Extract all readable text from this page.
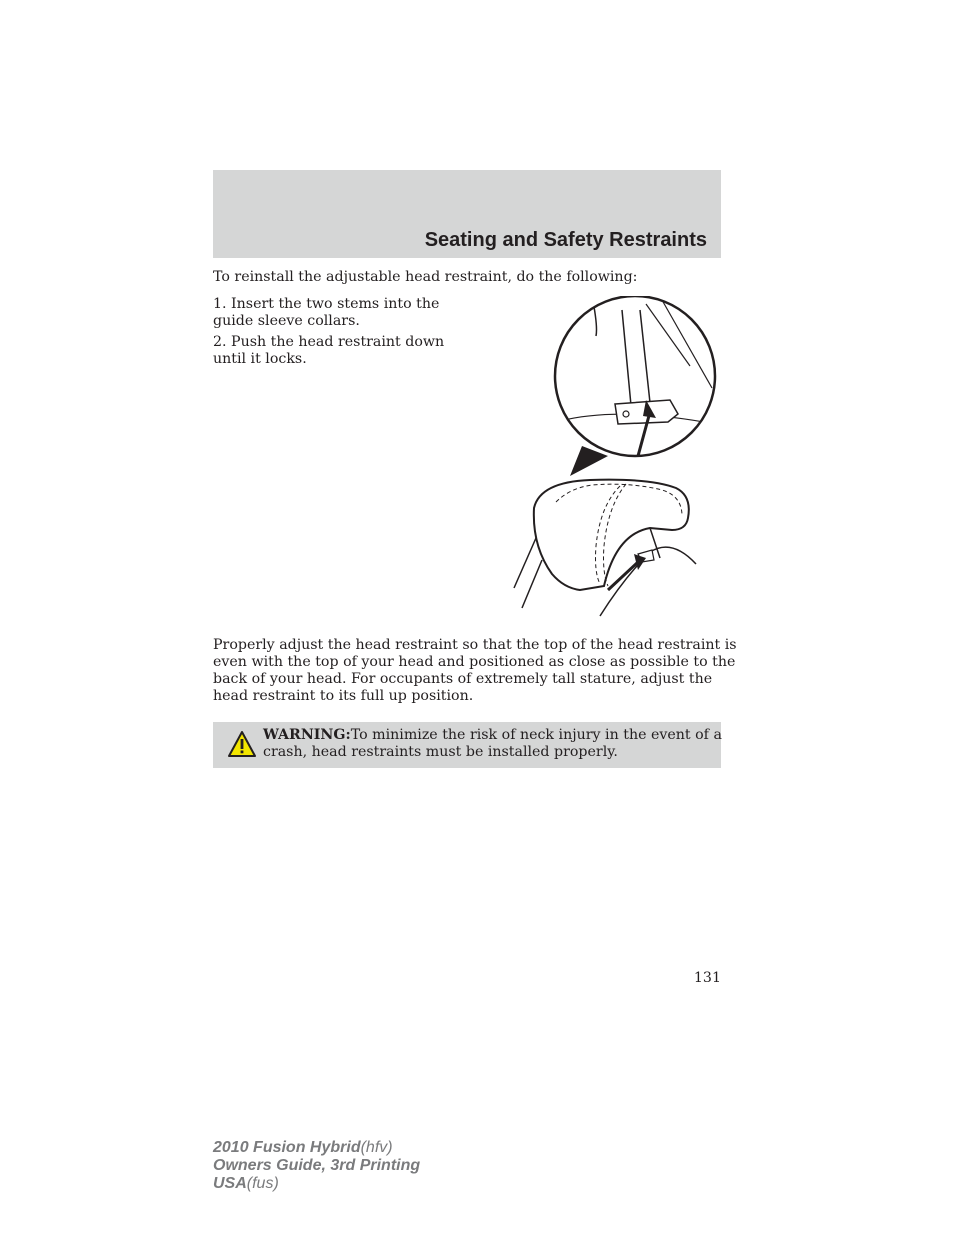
Seating and Safety Restraints
To reinstall the adjustable head restraint, do the following:
1. Insert the two stems into the
guide sleeve collars.
2. Push the head restraint down
until it locks.
Properly adjust the head restraint so that the top of the head restraint is
even with the top of your head and positioned as close as possible to the
back of your head. For occupants of extremely tall stature, adjust the
head restraint to its full up position.
WARNING:To minimize the risk of neck injury in the event of a
crash, head restraints must be installed properly.
131
2010 Fusion Hybrid(hfv)
Owners Guide, 3rd Printing
USA(fus)
